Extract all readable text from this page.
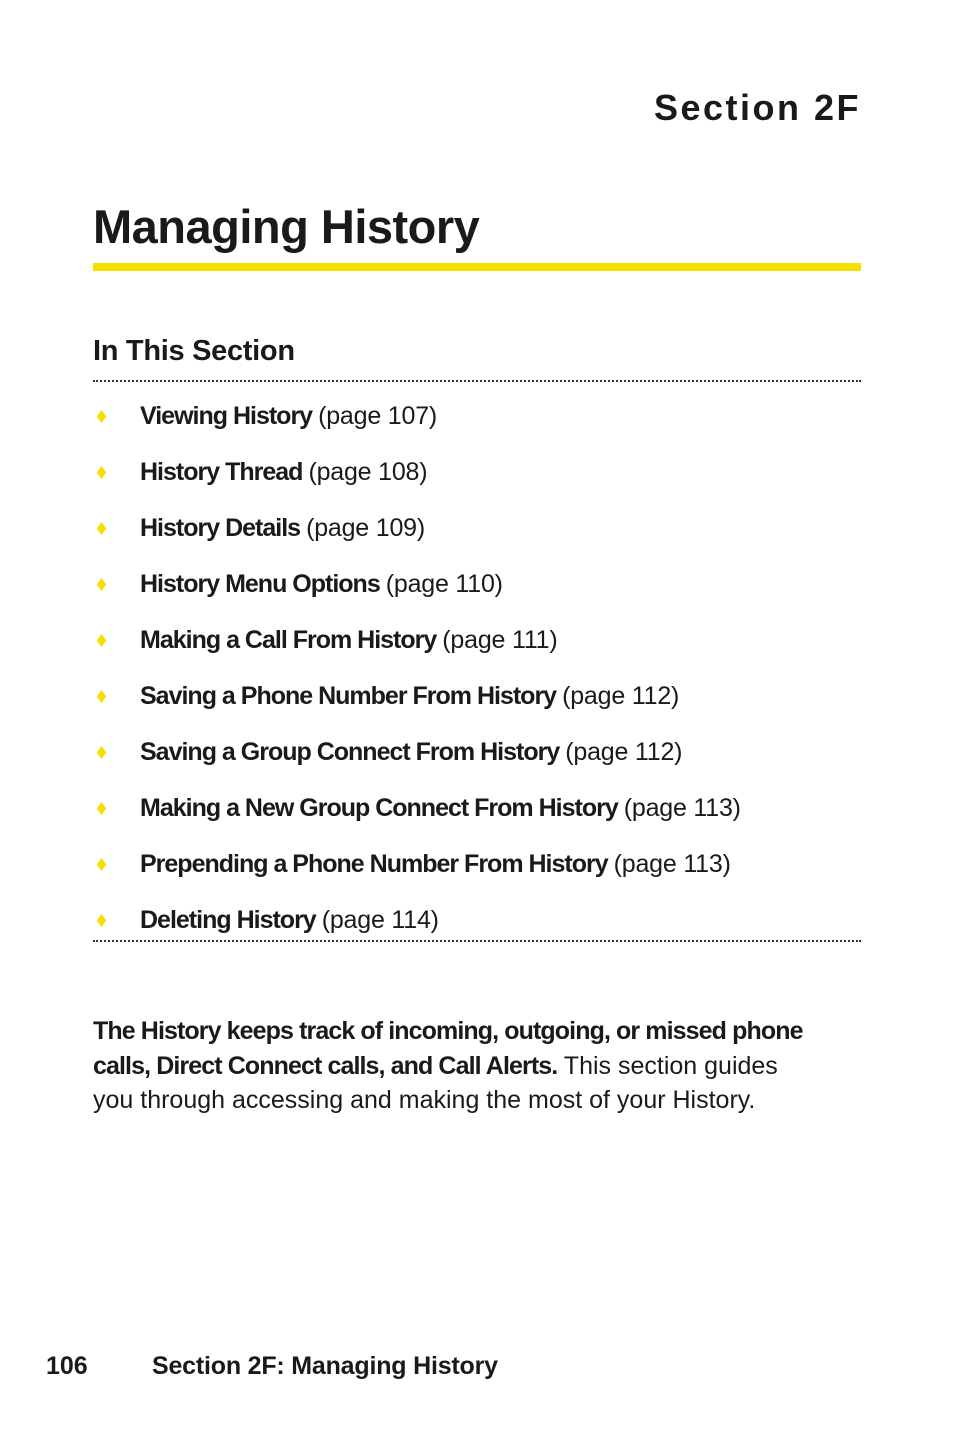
Section 2F
Managing History
In This Section
♦	Viewing History (page 107)
♦	History Thread (page 108)
♦	History Details (page 109)
♦	History Menu Options (page 110)
♦	Making a Call From History (page 111)
♦	Saving a Phone Number From History (page 112)
♦	Saving a Group Connect From History (page 112)
♦	Making a New Group Connect From History (page 113)
♦	Prepending a Phone Number From History (page 113)
♦	Deleting History (page 114)

The History keeps track of incoming, outgoing, or missed phone calls, Direct Connect calls, and Call Alerts. This section guides you through accessing and making the most of your History.

106	Section 2F: Managing History
